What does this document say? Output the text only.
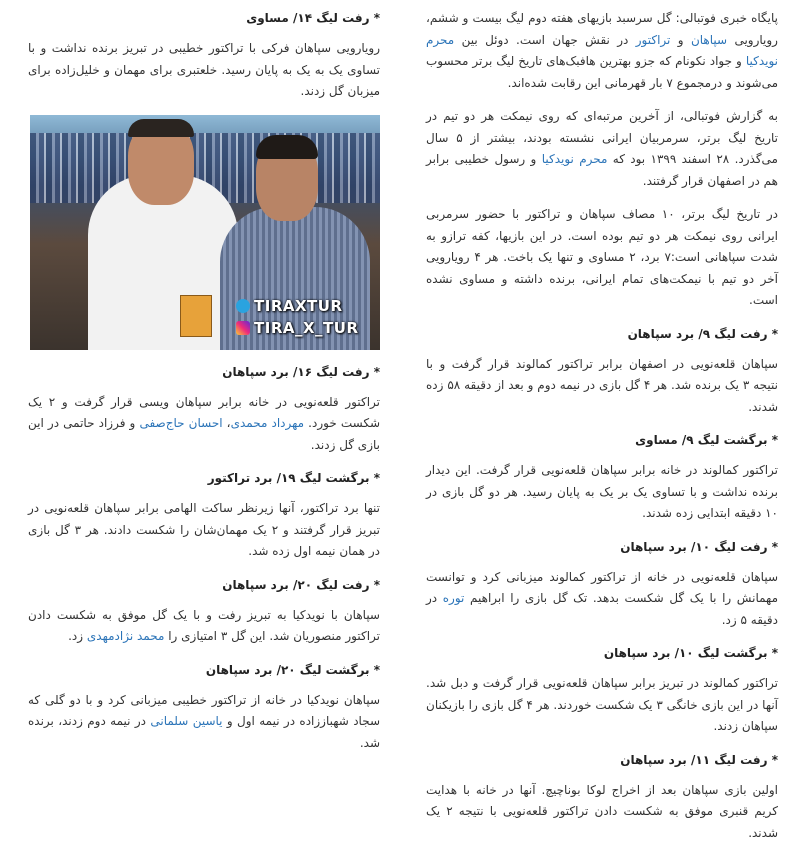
پایگاه خبری فوتبالی: گل سرسبد بازیهای هفته دوم لیگ بیست و ششم، رویارویی سپاهان و تراکتور در نقش جهان است. دوئل بین محرم نویدکیا و جواد نکونام که جزو بهترین هافبک‌های تاریخ لیگ برتر محسوب می‌شوند و درمجموع ۷ بار قهرمانی این رقابت شده‌اند.

به گزارش فوتبالی، از آخرین مرتبه‌ای که روی نیمکت هر دو تیم در تاریخ لیگ برتر، سرمربیان ایرانی نشسته بودند، بیشتر از ۵ سال می‌گذرد. ۲۸ اسفند ۱۳۹۹ بود که محرم نویدکیا و رسول خطیبی برابر هم در اصفهان قرار گرفتند.

در تاریخ لیگ برتر، ۱۰ مصاف سپاهان و تراکتور با حضور سرمربی ایرانی روی نیمکت هر دو تیم بوده است. در این بازیها، کفه ترازو به شدت سپاهانی است:۷ برد، ۲ مساوی و تنها یک باخت. هر ۴ رویارویی آخر دو تیم با نیمکت‌های تمام ایرانی، برنده داشته و مساوی نشده است.

* رفت لیگ ۹/ برد سپاهان

سپاهان قلعه‌نویی در اصفهان برابر تراکتور کمالوند قرار گرفت و با نتیجه ۳ یک برنده شد. هر ۴ گل بازی در نیمه دوم و بعد از دقیقه ۵۸ زده شدند.

* برگشت لیگ ۹/ مساوی

تراکتور کمالوند در خانه برابر سپاهان قلعه‌نویی قرار گرفت. این دیدار برنده نداشت و با تساوی یک بر یک به پایان رسید. هر دو گل بازی در ۱۰ دقیقه ابتدایی زده شدند.

* رفت لیگ ۱۰/ برد سپاهان

سپاهان قلعه‌نویی در خانه از تراکتور کمالوند میزبانی کرد و توانست مهمانش را با یک گل شکست بدهد. تک گل بازی را ابراهیم توره در دقیقه ۵ زد.

* برگشت لیگ ۱۰/ برد سپاهان

تراکتور کمالوند در تبریز برابر سپاهان قلعه‌نویی قرار گرفت و دبل شد. آنها در این بازی خانگی ۳ یک شکست خوردند. هر ۴ گل بازی را بازیکنان سپاهان زدند.

* رفت لیگ ۱۱/ برد سپاهان

اولین بازی سپاهان بعد از اخراج لوکا بوناچیچ. آنها در خانه با هدایت کریم قنبری موفق به شکست دادن تراکتور قلعه‌نویی با نتیجه ۲ یک شدند.

* رفت لیگ ۱۴/ مساوی

رویارویی سپاهان فرکی با تراکتور خطیبی در تبریز برنده نداشت و با تساوی یک به یک به پایان رسید. خلعتبری برای مهمان و خلیل‌زاده برای میزبان گل زدند.

TIRAXTUR
TIRA_X_TUR
* رفت لیگ ۱۶/ برد سپاهان

تراکتور قلعه‌نویی در خانه برابر سپاهان ویسی قرار گرفت و ۲ یک شکست خورد. مهرداد محمدی، احسان حاج‌صفی و فرزاد حاتمی در این بازی گل زدند.

* برگشت لیگ ۱۹/ برد تراکتور

تنها برد تراکتور، آنها زیرنظر ساکت الهامی برابر سپاهان قلعه‌نویی در تبریز قرار گرفتند و ۲ یک مهمان‌شان را شکست دادند. هر ۳ گل بازی در همان نیمه اول زده شد.

* رفت لیگ ۲۰/ برد سپاهان

سپاهان با نویدکیا به تبریز رفت و با یک گل موفق به شکست دادن تراکتور منصوریان شد. این گل ۳ امتیازی را محمد نژادمهدی زد.

* برگشت لیگ ۲۰/ برد سپاهان

سپاهان نویدکیا در خانه از تراکتور خطیبی میزبانی کرد و با دو گلی که سجاد شهباززاده در نیمه اول و یاسین سلمانی در نیمه دوم زدند، برنده شد.
